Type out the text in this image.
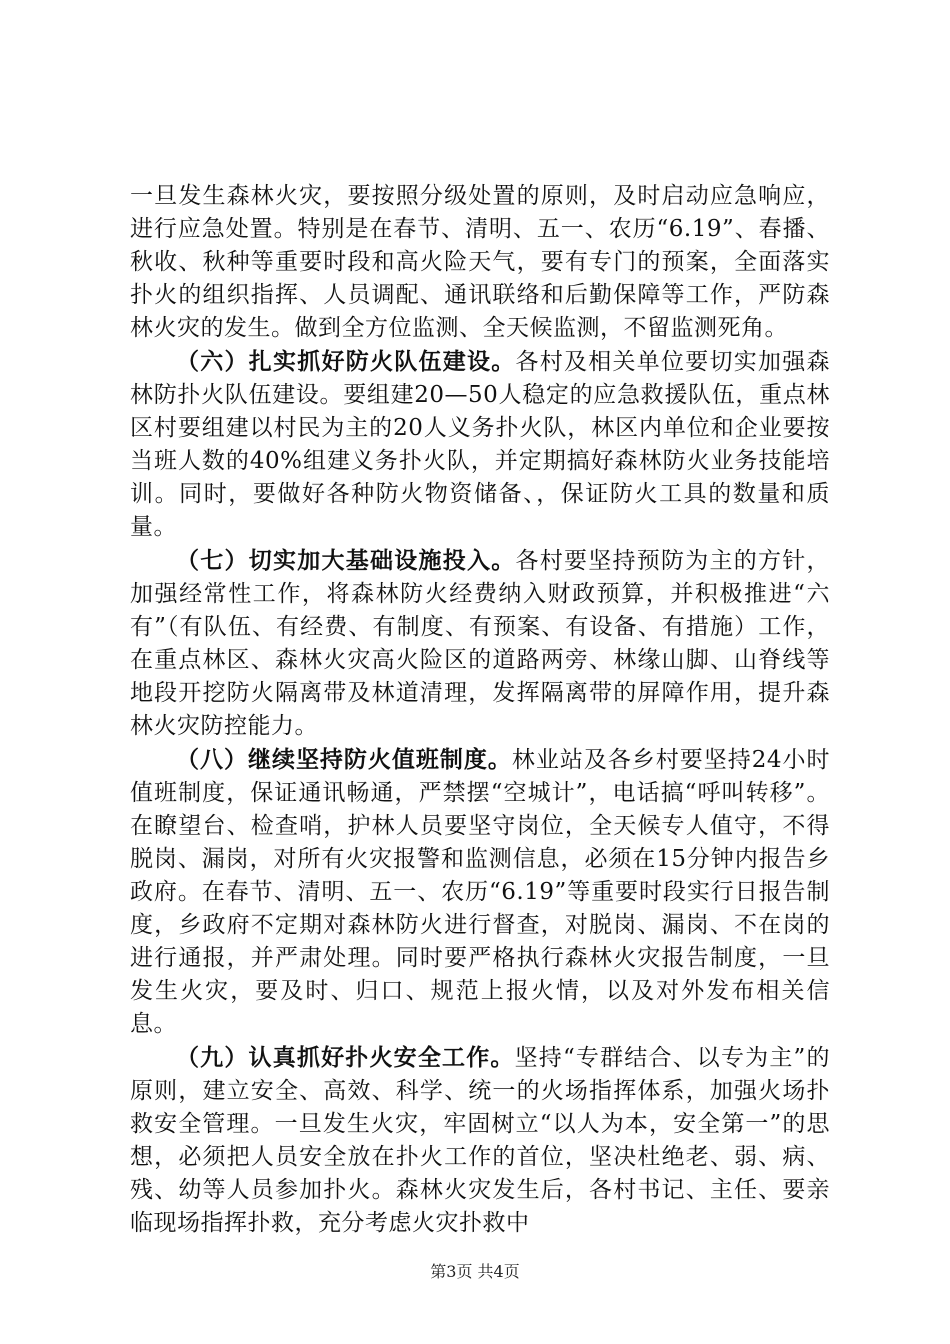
一旦发生森林火灾，要按照分级处置的原则，及时启动应急响应，进行应急处置。特别是在春节、清明、五一、农历“6.19”、春播、秋收、秋种等重要时段和高火险天气，要有专门的预案，全面落实扑火的组织指挥、人员调配、通讯联络和后勤保障等工作，严防森林火灾的发生。做到全方位监测、全天候监测，不留监测死角。

（六）扎实抓好防火队伍建设。各村及相关单位要切实加强森林防扑火队伍建设。要组建20—50人稳定的应急救援队伍，重点林区村要组建以村民为主的20人义务扑火队，林区内单位和企业要按当班人数的40%组建义务扑火队，并定期搞好森林防火业务技能培训。同时，要做好各种防火物资储备、，保证防火工具的数量和质量。

（七）切实加大基础设施投入。各村要坚持预防为主的方针，加强经常性工作，将森林防火经费纳入财政预算，并积极推进“六有”（有队伍、有经费、有制度、有预案、有设备、有措施）工作，在重点林区、森林火灾高火险区的道路两旁、林缘山脚、山脊线等地段开挖防火隔离带及林道清理，发挥隔离带的屏障作用，提升森林火灾防控能力。

（八）继续坚持防火值班制度。林业站及各乡村要坚持24小时值班制度，保证通讯畅通，严禁摆“空城计”，电话搞“呼叫转移”。在瞭望台、检查哨，护林人员要坚守岗位，全天候专人值守，不得脱岗、漏岗，对所有火灾报警和监测信息，必须在15分钟内报告乡政府。在春节、清明、五一、农历“6.19”等重要时段实行日报告制度，乡政府不定期对森林防火进行督查，对脱岗、漏岗、不在岗的进行通报，并严肃处理。同时要严格执行森林火灾报告制度，一旦发生火灾，要及时、归口、规范上报火情，以及对外发布相关信息。

（九）认真抓好扑火安全工作。坚持“专群结合、以专为主”的原则，建立安全、高效、科学、统一的火场指挥体系，加强火场扑救安全管理。一旦发生火灾，牢固树立“以人为本，安全第一”的思想，必须把人员安全放在扑火工作的首位，坚决杜绝老、弱、病、残、幼等人员参加扑火。森林火灾发生后，各村书记、主任、要亲临现场指挥扑救，充分考虑火灾扑救中

第3页 共4页
